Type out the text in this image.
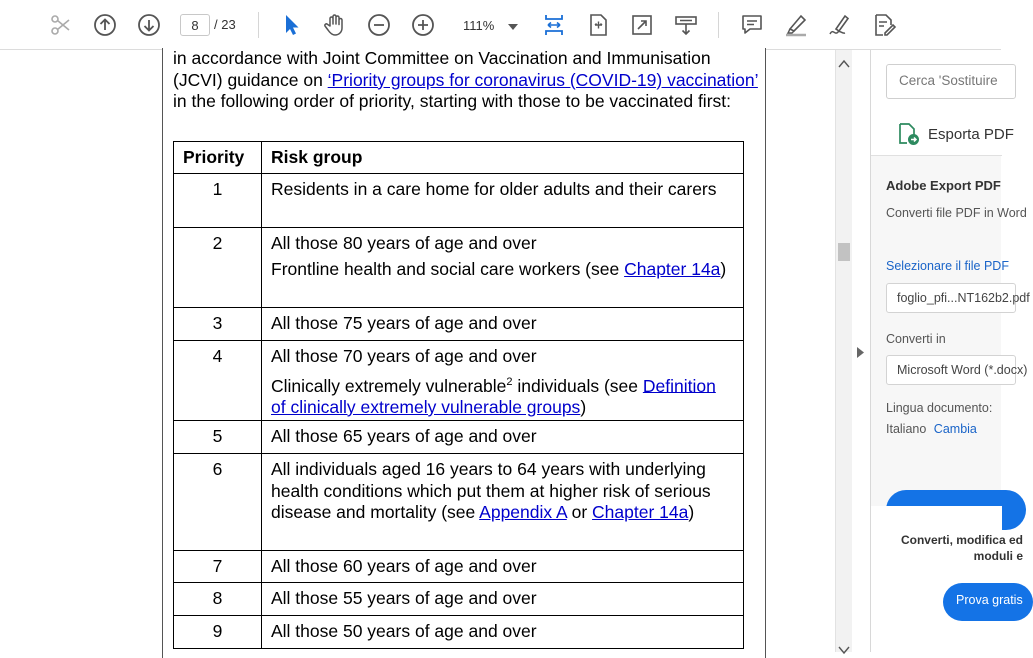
8	/ 23	111%
in accordance with Joint Committee on Vaccination and Immunisation (JCVI) guidance on ‘Priority groups for coronavirus (COVID-19) vaccination’ in the following order of priority, starting with those to be vaccinated first:
Priority	Risk group
1	Residents in a care home for older adults and their carers
2	All those 80 years of age and over

Frontline health and social care workers (see Chapter 14a)

3	All those 75 years of age and over
4	All those 70 years of age and over

Clinically extremely vulnerable$^2$ individuals (see Definition of clinically extremely vulnerable groups)

5	All those 65 years of age and over
6	All individuals aged 16 years to 64 years with underlying health conditions which put them at higher risk of serious disease and mortality (see Appendix A or Chapter 14a)
7	All those 60 years of age and over
8	All those 55 years of age and over
9	All those 50 years of age and over
Cerca 'Sostituire
Esporta PDF
Adobe Export PDF
Converti file PDF in Word
Selezionare il file PDF
foglio_pfi...NT162b2.pdf
Converti in
Microsoft Word (*.docx)
Lingua documento:
Italiano Cambia
Converti, modifica ed
moduli e
Prova gratis
